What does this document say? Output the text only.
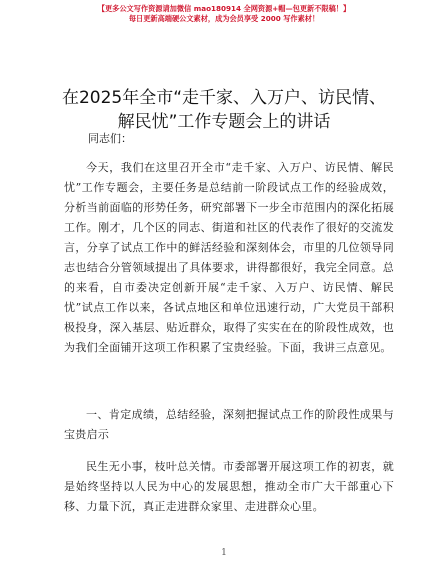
【更多公文写作资源请加微信 mao180914 全网资源+帽—包更新不限稿！】
每日更新高端硬公文素材，成为会员享受 2000 写作素材！
在2025年全市“走千家、入万户、访民情、解民忧”工作专题会上的讲话
同志们：
今天，我们在这里召开全市“走千家、入万户、访民情、解民忧”工作专题会，主要任务是总结前一阶段试点工作的经验成效，分析当前面临的形势任务，研究部署下一步全市范围内的深化拓展工作。刚才，几个区的同志、街道和社区的代表作了很好的交流发言，分享了试点工作中的鲜活经验和深刻体会，市里的几位领导同志也结合分管领域提出了具体要求，讲得都很好，我完全同意。总的来看，自市委决定创新开展“走千家、入万户、访民情、解民忧”试点工作以来，各试点地区和单位迅速行动，广大党员干部积极投身，深入基层、贴近群众，取得了实实在在的阶段性成效，也为我们全面铺开这项工作积累了宝贵经验。下面，我讲三点意见。
一、肯定成绩，总结经验，深刻把握试点工作的阶段性成果与宝贵启示
民生无小事，枝叶总关情。市委部署开展这项工作的初衷，就是始终坚持以人民为中心的发展思想，推动全市广大干部重心下移、力量下沉，真正走进群众家里、走进群众心里。
1
